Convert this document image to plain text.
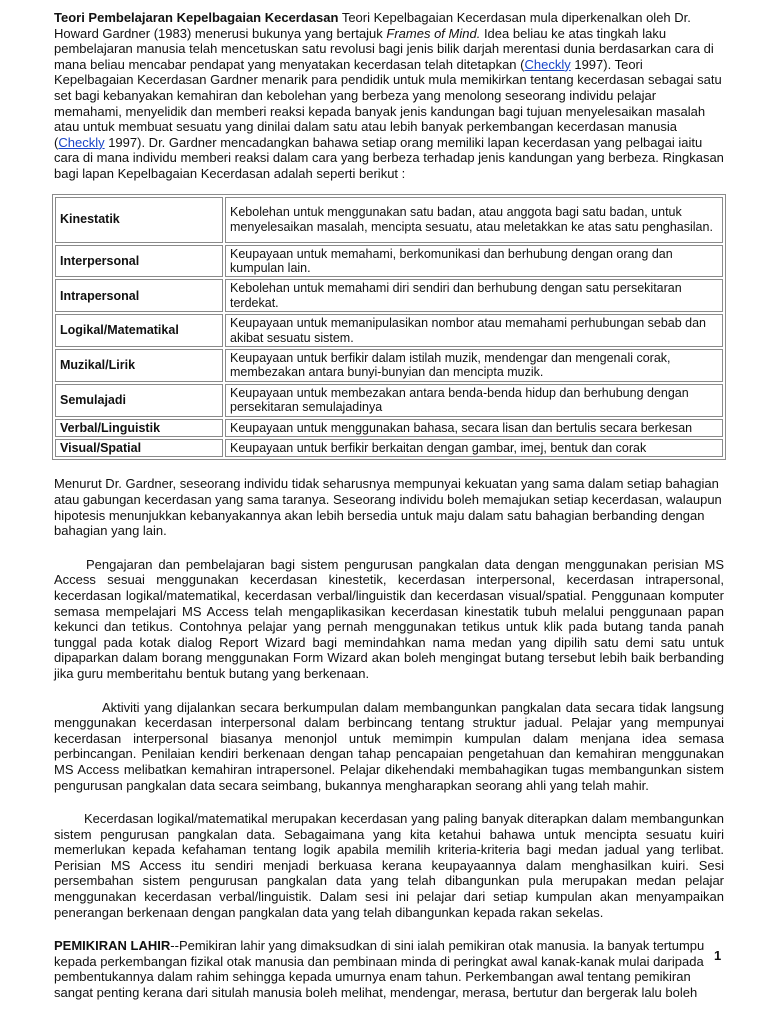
Teori Pembelajaran Kepelbagaian Kecerdasan Teori Kepelbagaian Kecerdasan mula diperkenalkan oleh Dr. Howard Gardner (1983) menerusi bukunya yang bertajuk Frames of Mind. Idea beliau ke atas tingkah laku pembelajaran manusia telah mencetuskan satu revolusi bagi jenis bilik darjah merentasi dunia berdasarkan cara di mana beliau mencabar pendapat yang menyatakan kecerdasan telah ditetapkan (Checkly 1997). Teori Kepelbagaian Kecerdasan Gardner menarik para pendidik untuk mula memikirkan tentang kecerdasan sebagai satu set bagi kebanyakan kemahiran dan kebolehan yang berbeza yang menolong seseorang individu pelajar memahami, menyelidik dan memberi reaksi kepada banyak jenis kandungan bagi tujuan menyelesaikan masalah atau untuk membuat sesuatu yang dinilai dalam satu atau lebih banyak perkembangan kecerdasan manusia (Checkly 1997). Dr. Gardner mencadangkan bahawa setiap orang memiliki lapan kecerdasan yang pelbagai iaitu cara di mana individu memberi reaksi dalam cara yang berbeza terhadap jenis kandungan yang berbeza. Ringkasan bagi lapan Kepelbagaian Kecerdasan adalah seperti berikut :

Kinestatik	Kebolehan untuk menggunakan satu badan, atau anggota bagi satu badan, untuk menyelesaikan masalah, mencipta sesuatu, atau meletakkan ke atas satu penghasilan.
Interpersonal	Keupayaan untuk memahami, berkomunikasi dan berhubung dengan orang dan kumpulan lain.
Intrapersonal	Kebolehan untuk memahami diri sendiri dan berhubung dengan satu persekitaran terdekat.
Logikal/Matematikal	Keupayaan untuk memanipulasikan nombor atau memahami perhubungan sebab dan akibat sesuatu sistem.
Muzikal/Lirik	Keupayaan untuk berfikir dalam istilah muzik, mendengar dan mengenali corak, membezakan antara bunyi-bunyian dan mencipta muzik.
Semulajadi	Keupayaan untuk membezakan antara benda-benda hidup dan berhubung dengan persekitaran semulajadinya
Verbal/Linguistik	Keupayaan untuk menggunakan bahasa, secara lisan dan bertulis secara berkesan
Visual/Spatial	Keupayaan untuk berfikir berkaitan dengan gambar, imej, bentuk dan corak

Menurut Dr. Gardner, seseorang individu tidak seharusnya mempunyai kekuatan yang sama dalam setiap bahagian atau gabungan kecerdasan yang sama taranya. Seseorang individu boleh memajukan setiap kecerdasan, walaupun hipotesis menunjukkan kebanyakannya akan lebih bersedia untuk maju dalam satu bahagian berbanding dengan bahagian yang lain.

Pengajaran dan pembelajaran bagi sistem pengurusan pangkalan data dengan menggunakan perisian MS Access sesuai menggunakan kecerdasan kinestetik, kecerdasan interpersonal, kecerdasan intrapersonal, kecerdasan logikal/matematikal, kecerdasan verbal/linguistik dan kecerdasan visual/spatial. Penggunaan komputer semasa mempelajari MS Access telah mengaplikasikan kecerdasan kinestatik tubuh melalui penggunaan papan kekunci dan tetikus. Contohnya pelajar yang pernah menggunakan tetikus untuk klik pada butang tanda panah tunggal pada kotak dialog Report Wizard bagi memindahkan nama medan yang dipilih satu demi satu untuk dipaparkan dalam borang menggunakan Form Wizard akan boleh mengingat butang tersebut lebih baik berbanding jika guru memberitahu bentuk butang yang berkenaan.

Aktiviti yang dijalankan secara berkumpulan dalam membangunkan pangkalan data secara tidak langsung menggunakan kecerdasan interpersonal dalam berbincang tentang struktur jadual. Pelajar yang mempunyai kecerdasan interpersonal biasanya menonjol untuk memimpin kumpulan dalam menjana idea semasa perbincangan. Penilaian kendiri berkenaan dengan tahap pencapaian pengetahuan dan kemahiran menggunakan MS Access melibatkan kemahiran intrapersonel. Pelajar dikehendaki membahagikan tugas membangunkan sistem pengurusan pangkalan data secara seimbang, bukannya mengharapkan seorang ahli yang telah mahir.

Kecerdasan logikal/matematikal merupakan kecerdasan yang paling banyak diterapkan dalam membangunkan sistem pengurusan pangkalan data. Sebagaimana yang kita ketahui bahawa untuk mencipta sesuatu kuiri memerlukan kepada kefahaman tentang logik apabila memilih kriteria-kriteria bagi medan jadual yang terlibat. Perisian MS Access itu sendiri menjadi berkuasa kerana keupayaannya dalam menghasilkan kuiri. Sesi persembahan sistem pengurusan pangkalan data yang telah dibangunkan pula merupakan medan pelajar menggunakan kecerdasan verbal/linguistik. Dalam sesi ini pelajar dari setiap kumpulan akan menyampaikan penerangan berkenaan dengan pangkalan data yang telah dibangunkan kepada rakan sekelas.

PEMIKIRAN LAHIR--Pemikiran lahir yang dimaksudkan di sini ialah pemikiran otak manusia. Ia banyak tertumpu kepada perkembangan fizikal otak manusia dan pembinaan minda di peringkat awal kanak-kanak mulai daripada pembentukannya dalam rahim sehingga kepada umurnya enam tahun. Perkembangan awal tentang pemikiran sangat penting kerana dari situlah manusia boleh melihat, mendengar, merasa, bertutur dan bergerak lalu boleh

1
